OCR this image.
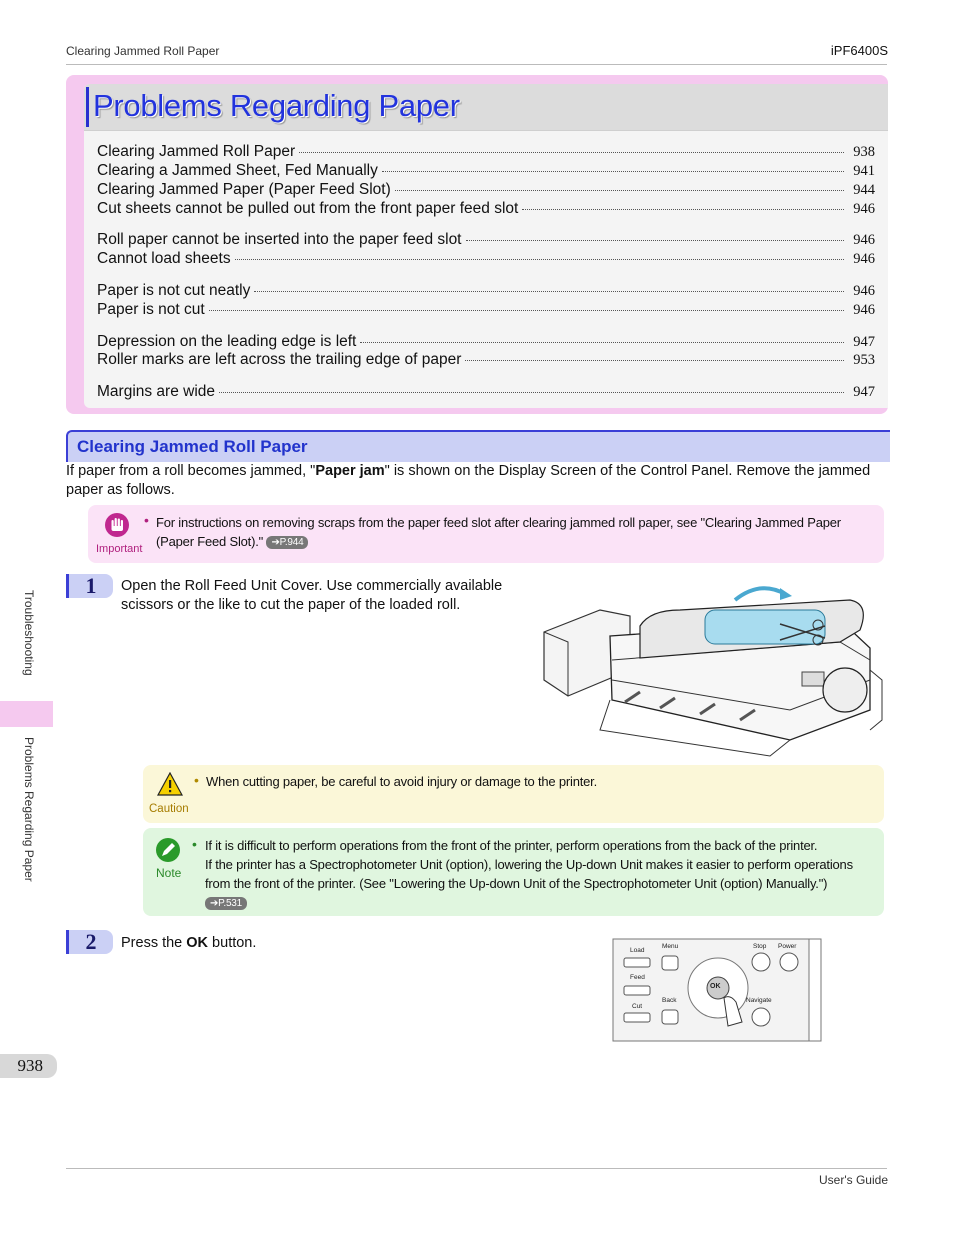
Clearing Jammed Roll Paper	iPF6400S
Problems Regarding Paper
Clearing Jammed Roll Paper	938
Clearing a Jammed Sheet, Fed Manually	941
Clearing Jammed Paper (Paper Feed Slot)	944
Cut sheets cannot be pulled out from the front paper feed slot	946
Roll paper cannot be inserted into the paper feed slot	946
Cannot load sheets	946
Paper is not cut neatly	946
Paper is not cut	946
Depression on the leading edge is left	947
Roller marks are left across the trailing edge of paper	953
Margins are wide	947
Clearing Jammed Roll Paper
If paper from a roll becomes jammed, "Paper jam" is shown on the Display Screen of the Control Panel. Remove the jammed paper as follows.
Important
• For instructions on removing scraps from the paper feed slot after clearing jammed roll paper, see "Clearing Jammed Paper (Paper Feed Slot)." ➔P.944
1	Open the Roll Feed Unit Cover. Use commercially available scissors or the like to cut the paper of the loaded roll.
Caution
• When cutting paper, be careful to avoid injury or damage to the printer.
Note
• If it is difficult to perform operations from the front of the printer, perform operations from the back of the printer.
If the printer has a Spectrophotometer Unit (option), lowering the Up-down Unit makes it easier to perform operations from the front of the printer. (See "Lowering the Up-down Unit of the Spectrophotometer Unit (option) Manually.") ➔P.531
2	Press the OK button.	Load
Feed
Cut
Menu
Back
Stop Power
Navigate
OK
Troubleshooting
Problems Regarding Paper
938
User's Guide
